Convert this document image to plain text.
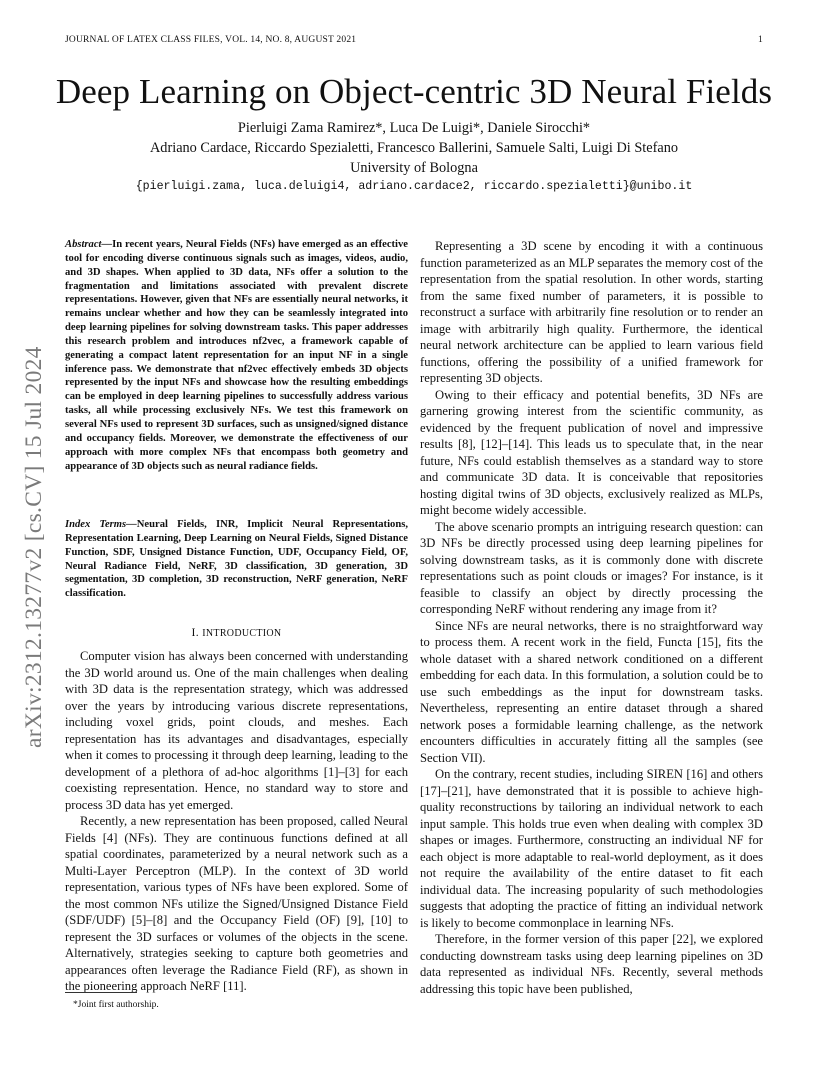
JOURNAL OF LATEX CLASS FILES, VOL. 14, NO. 8, AUGUST 2021	1
arXiv:2312.13277v2 [cs.CV] 15 Jul 2024
Deep Learning on Object-centric 3D Neural Fields
Pierluigi Zama Ramirez*, Luca De Luigi*, Daniele Sirocchi*
Adriano Cardace, Riccardo Spezialetti, Francesco Ballerini, Samuele Salti, Luigi Di Stefano
University of Bologna
{pierluigi.zama, luca.deluigi4, adriano.cardace2, riccardo.spezialetti}@unibo.it
Abstract—In recent years, Neural Fields (NFs) have emerged as an effective tool for encoding diverse continuous signals such as images, videos, audio, and 3D shapes. When applied to 3D data, NFs offer a solution to the fragmentation and limitations associated with prevalent discrete representations. However, given that NFs are essentially neural networks, it remains unclear whether and how they can be seamlessly integrated into deep learning pipelines for solving downstream tasks. This paper addresses this research problem and introduces nf2vec, a framework capable of generating a compact latent representation for an input NF in a single inference pass. We demonstrate that nf2vec effectively embeds 3D objects represented by the input NFs and showcase how the resulting embeddings can be employed in deep learning pipelines to successfully address various tasks, all while processing exclusively NFs. We test this framework on several NFs used to represent 3D surfaces, such as unsigned/signed distance and occupancy fields. Moreover, we demonstrate the effectiveness of our approach with more complex NFs that encompass both geometry and appearance of 3D objects such as neural radiance fields.
Index Terms—Neural Fields, INR, Implicit Neural Representations, Representation Learning, Deep Learning on Neural Fields, Signed Distance Function, SDF, Unsigned Distance Function, UDF, Occupancy Field, OF, Neural Radiance Field, NeRF, 3D classification, 3D generation, 3D segmentation, 3D completion, 3D reconstruction, NeRF generation, NeRF classification.
I. INTRODUCTION

Computer vision has always been concerned with understanding the 3D world around us. One of the main challenges when dealing with 3D data is the representation strategy, which was addressed over the years by introducing various discrete representations, including voxel grids, point clouds, and meshes. Each representation has its advantages and disadvantages, especially when it comes to processing it through deep learning, leading to the development of a plethora of ad-hoc algorithms [1]–[3] for each coexisting representation. Hence, no standard way to store and process 3D data has yet emerged.

Recently, a new representation has been proposed, called Neural Fields [4] (NFs). They are continuous functions defined at all spatial coordinates, parameterized by a neural network such as a Multi-Layer Perceptron (MLP). In the context of 3D world representation, various types of NFs have been explored. Some of the most common NFs utilize the Signed/Unsigned Distance Field (SDF/UDF) [5]–[8] and the Occupancy Field (OF) [9], [10] to represent the 3D surfaces or volumes of the objects in the scene. Alternatively, strategies seeking to capture both geometries and appearances often leverage the Radiance Field (RF), as shown in the pioneering approach NeRF [11].

Representing a 3D scene by encoding it with a continuous function parameterized as an MLP separates the memory cost of the representation from the spatial resolution. In other words, starting from the same fixed number of parameters, it is possible to reconstruct a surface with arbitrarily fine resolution or to render an image with arbitrarily high quality. Furthermore, the identical neural network architecture can be applied to learn various field functions, offering the possibility of a unified framework for representing 3D objects.

Owing to their efficacy and potential benefits, 3D NFs are garnering growing interest from the scientific community, as evidenced by the frequent publication of novel and impressive results [8], [12]–[14]. This leads us to speculate that, in the near future, NFs could establish themselves as a standard way to store and communicate 3D data. It is conceivable that repositories hosting digital twins of 3D objects, exclusively realized as MLPs, might become widely accessible.

The above scenario prompts an intriguing research question: can 3D NFs be directly processed using deep learning pipelines for solving downstream tasks, as it is commonly done with discrete representations such as point clouds or images? For instance, is it feasible to classify an object by directly processing the corresponding NeRF without rendering any image from it?

Since NFs are neural networks, there is no straightforward way to process them. A recent work in the field, Functa [15], fits the whole dataset with a shared network conditioned on a different embedding for each data. In this formulation, a solution could be to use such embeddings as the input for downstream tasks. Nevertheless, representing an entire dataset through a shared network poses a formidable learning challenge, as the network encounters difficulties in accurately fitting all the samples (see Section VII).

On the contrary, recent studies, including SIREN [16] and others [17]–[21], have demonstrated that it is possible to achieve high-quality reconstructions by tailoring an individual network to each input sample. This holds true even when dealing with complex 3D shapes or images. Furthermore, constructing an individual NF for each object is more adaptable to real-world deployment, as it does not require the availability of the entire dataset to fit each individual data. The increasing popularity of such methodologies suggests that adopting the practice of fitting an individual network is likely to become commonplace in learning NFs.

Therefore, in the former version of this paper [22], we explored conducting downstream tasks using deep learning pipelines on 3D data represented as individual NFs. Recently, several methods addressing this topic have been published,

*Joint first authorship.
